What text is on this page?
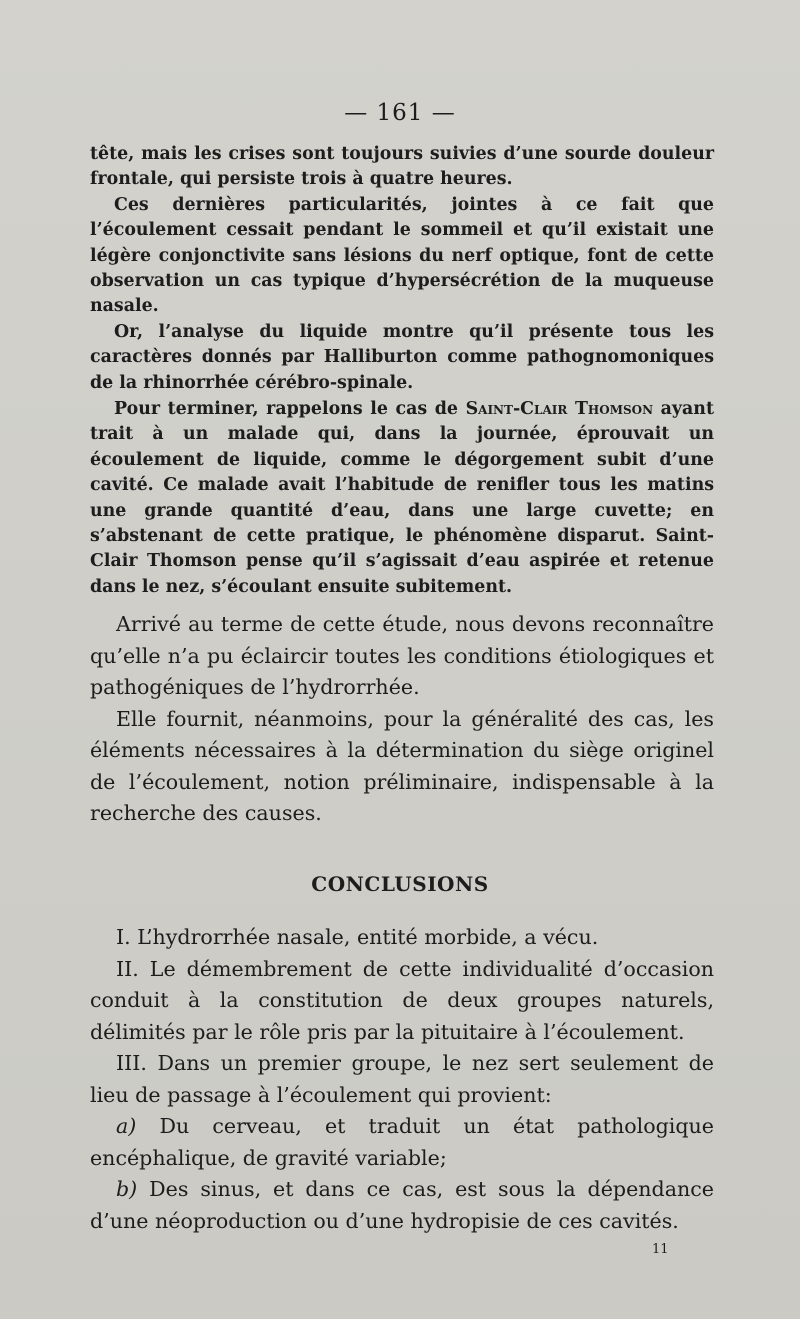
— 161 —

tête, mais les crises sont toujours suivies d’une sourde douleur frontale, qui persiste trois à quatre heures.

Ces dernières particularités, jointes à ce fait que l’écoulement cessait pendant le sommeil et qu’il existait une légère conjonctivite sans lésions du nerf optique, font de cette observation un cas typique d’hypersécrétion de la muqueuse nasale.

Or, l’analyse du liquide montre qu’il présente tous les caractères donnés par Halliburton comme pathognomoniques de la rhinorrhée cérébro-spinale.

Pour terminer, rappelons le cas de Saint-Clair Thomson ayant trait à un malade qui, dans la journée, éprouvait un écoulement de liquide, comme le dégorgement subit d’une cavité. Ce malade avait l’habitude de renifler tous les matins une grande quantité d’eau, dans une large cuvette; en s’abstenant de cette pratique, le phénomène disparut. Saint-Clair Thomson pense qu’il s’agissait d’eau aspirée et retenue dans le nez, s’écoulant ensuite subitement.

Arrivé au terme de cette étude, nous devons reconnaître qu’elle n’a pu éclaircir toutes les conditions étiologiques et pathogéniques de l’hydrorrhée.

Elle fournit, néanmoins, pour la généralité des cas, les éléments nécessaires à la détermination du siège originel de l’écoulement, notion préliminaire, indispensable à la recherche des causes.

CONCLUSIONS

I. L’hydrorrhée nasale, entité morbide, a vécu.

II. Le démembrement de cette individualité d’occasion conduit à la constitution de deux groupes naturels, délimités par le rôle pris par la pituitaire à l’écoulement.

III. Dans un premier groupe, le nez sert seulement de lieu de passage à l’écoulement qui provient:

a) Du cerveau, et traduit un état pathologique encéphalique, de gravité variable;

b) Des sinus, et dans ce cas, est sous la dépendance d’une néoproduction ou d’une hydropisie de ces cavités.

11
